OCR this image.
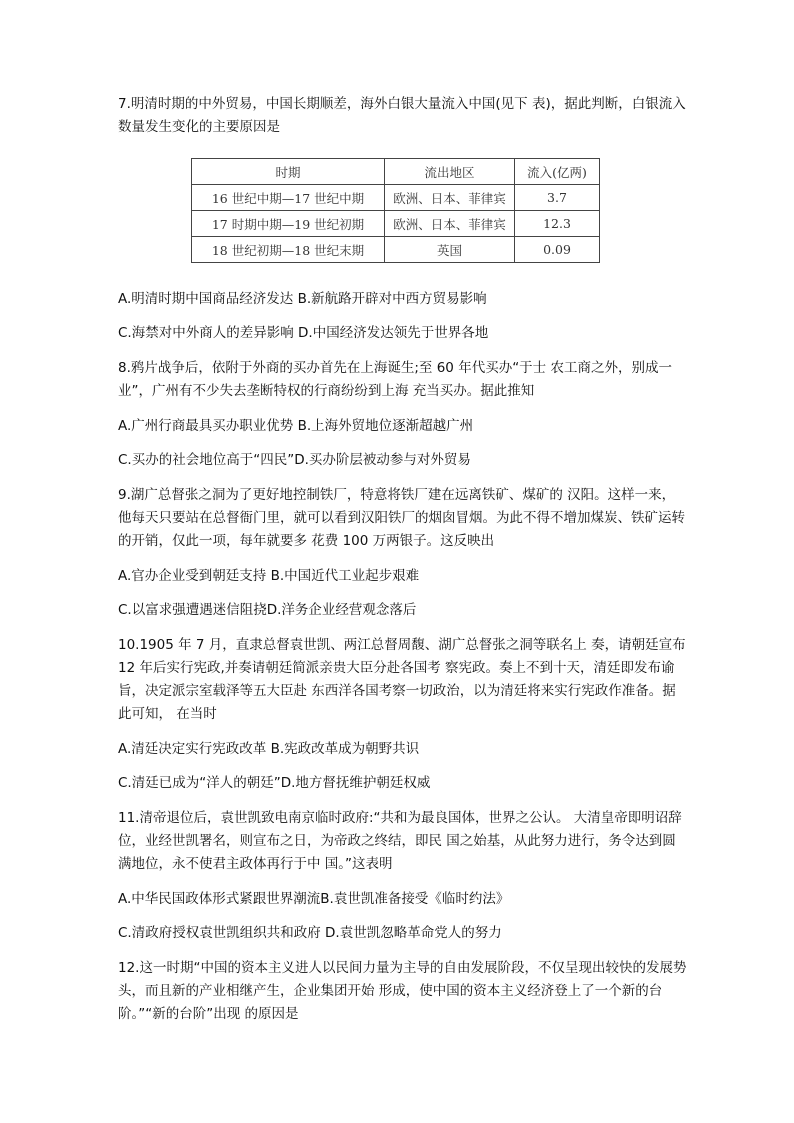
7.明清时期的中外贸易，中国长期顺差，海外白银大量流入中国(见下 表)，据此判断，白银流入数量发生变化的主要原因是

时期	流出地区	流入(亿两)
16 世纪中期—17 世纪中期	欧洲、日本、菲律宾	3.7
17 时期中期—19 世纪初期	欧洲、日本、菲律宾	12.3
18 世纪初期—18 世纪末期	英国	0.09

A.明清时期中国商品经济发达 B.新航路开辟对中西方贸易影响

C.海禁对中外商人的差异影响 D.中国经济发达领先于世界各地

8.鸦片战争后，依附于外商的买办首先在上海诞生;至 60 年代买办“于士 农工商之外，别成一业”，广州有不少失去垄断特权的行商纷纷到上海 充当买办。据此推知

A.广州行商最具买办职业优势 B.上海外贸地位逐渐超越广州

C.买办的社会地位高于“四民”D.买办阶层被动参与对外贸易

9.湖广总督张之洞为了更好地控制铁厂，特意将铁厂建在远离铁矿、煤矿的 汉阳。这样一来，他每天只要站在总督衙门里，就可以看到汉阳铁厂的烟囱冒烟。为此不得不增加煤炭、铁矿运转的开销，仅此一项，每年就要多 花费 100 万两银子。这反映出

A.官办企业受到朝廷支持 B.中国近代工业起步艰难

C.以富求强遭遇迷信阻挠D.洋务企业经营观念落后

10.1905 年 7 月，直隶总督袁世凯、两江总督周馥、湖广总督张之洞等联名上 奏，请朝廷宣布 12 年后实行宪政,并奏请朝廷简派亲贵大臣分赴各国考 察宪政。奏上不到十天，清廷即发布谕旨，决定派宗室载泽等五大臣赴 东西洋各国考察一切政治，以为清廷将来实行宪政作准备。据此可知， 在当时

A.清廷决定实行宪政改革 B.宪政改革成为朝野共识

C.清廷已成为“洋人的朝廷”D.地方督抚维护朝廷权威

11.清帝退位后，袁世凯致电南京临时政府:“共和为最良国体，世界之公认。 大清皇帝即明诏辞位，业经世凯署名，则宣布之日，为帝政之终结，即民 国之始基，从此努力进行，务令达到圆满地位，永不使君主政体再行于中 国。”这表明

A.中华民国政体形式紧跟世界潮流B.袁世凯准备接受《临时约法》

C.清政府授权袁世凯组织共和政府 D.袁世凯忽略革命党人的努力

12.这一时期“中国的资本主义进人以民间力量为主导的自由发展阶段，不仅呈现出较快的发展势头，而且新的产业相继产生，企业集团开始 形成，使中国的资本主义经济登上了一个新的台阶。”“新的台阶”出现 的原因是
